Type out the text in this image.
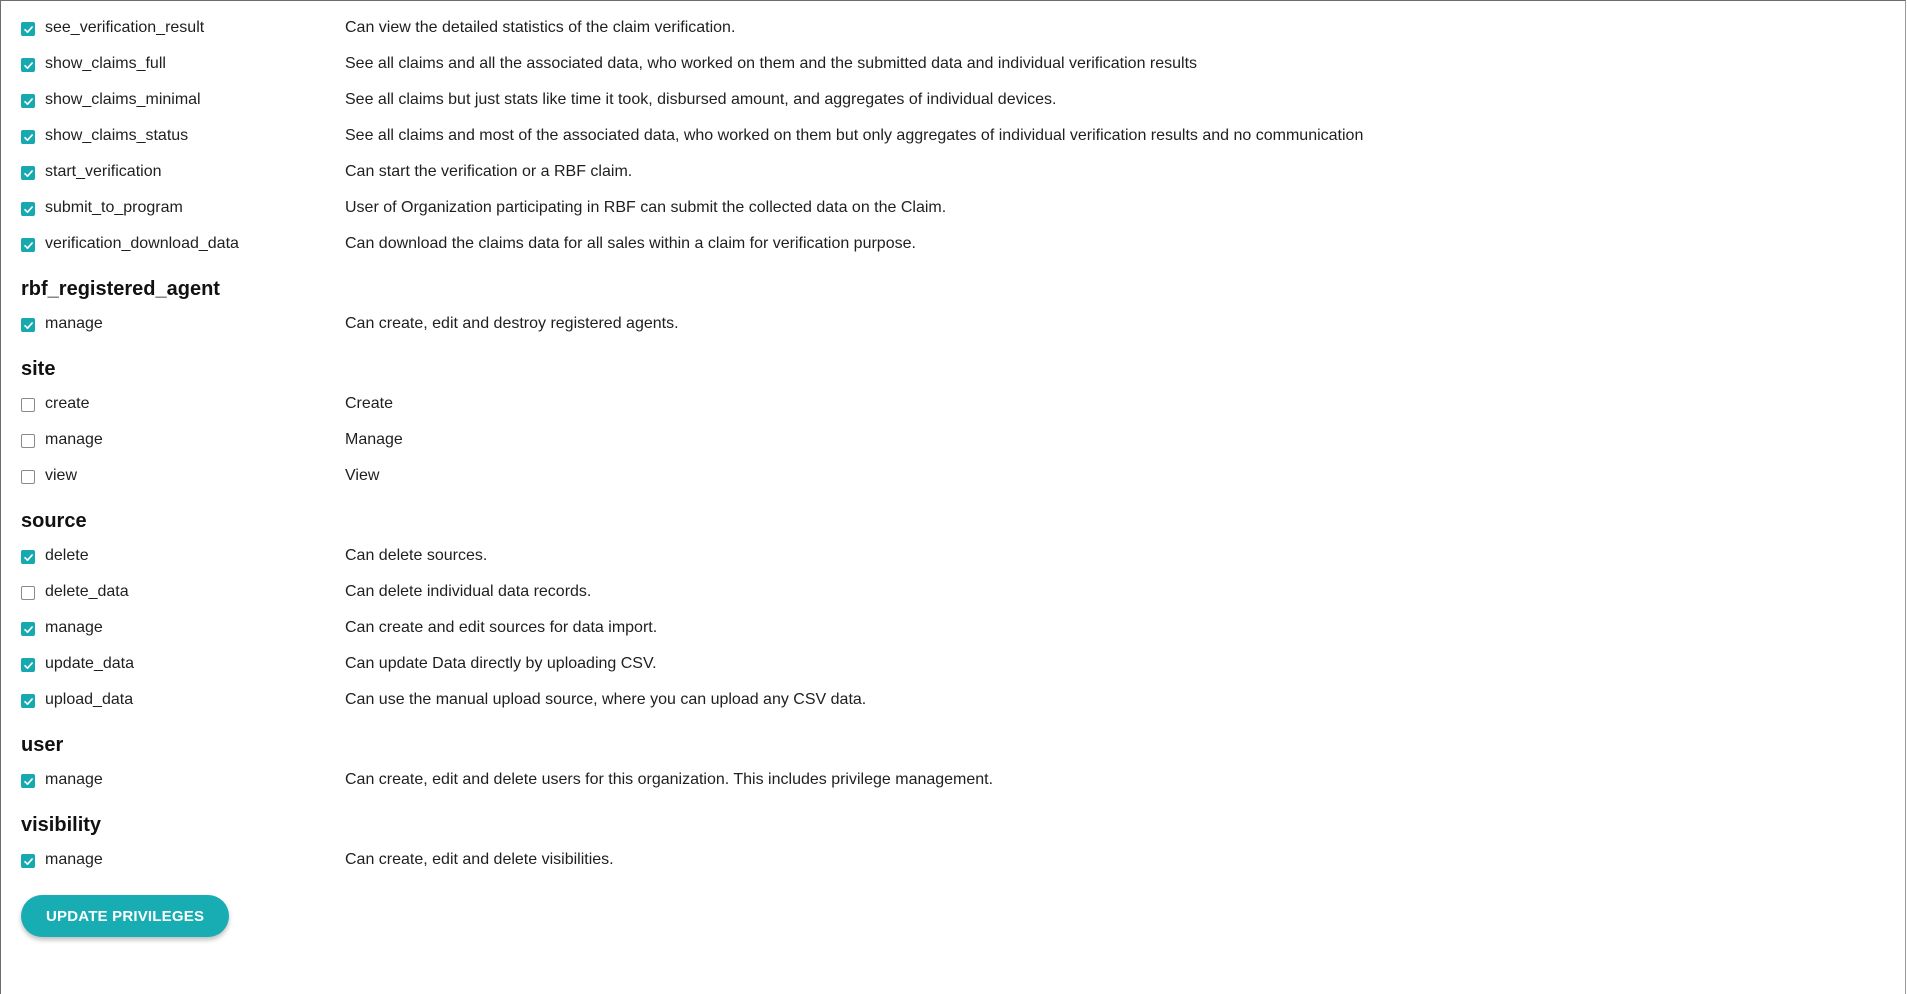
see_verification_result	Can view the detailed statistics of the claim verification.
show_claims_full	See all claims and all the associated data, who worked on them and the submitted data and individual verification results
show_claims_minimal	See all claims but just stats like time it took, disbursed amount, and aggregates of individual devices.
show_claims_status	See all claims and most of the associated data, who worked on them but only aggregates of individual verification results and no communication
start_verification	Can start the verification or a RBF claim.
submit_to_program	User of Organization participating in RBF can submit the collected data on the Claim.
verification_download_data	Can download the claims data for all sales within a claim for verification purpose.
rbf_registered_agent
manage	Can create, edit and destroy registered agents.
site
create	Create
manage	Manage
view	View
source
delete	Can delete sources.
delete_data	Can delete individual data records.
manage	Can create and edit sources for data import.
update_data	Can update Data directly by uploading CSV.
upload_data	Can use the manual upload source, where you can upload any CSV data.
user
manage	Can create, edit and delete users for this organization. This includes privilege management.
visibility
manage	Can create, edit and delete visibilities.
UPDATE PRIVILEGES
